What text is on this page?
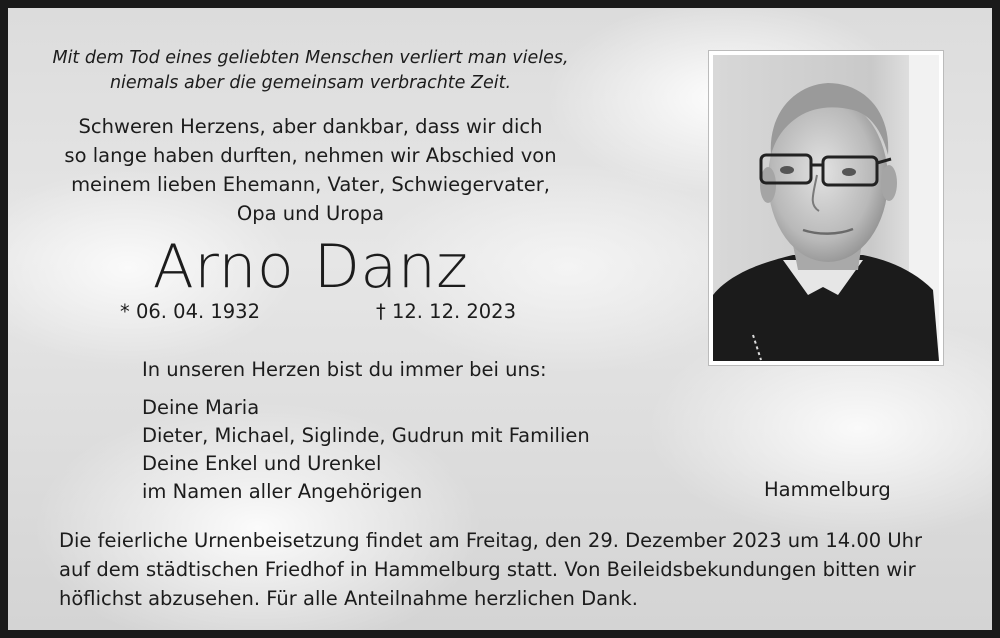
Mit dem Tod eines geliebten Menschen verliert man vieles,
niemals aber die gemeinsam verbrachte Zeit.
Schweren Herzens, aber dankbar, dass wir dich
so lange haben durften, nehmen wir Abschied von
meinem lieben Ehemann, Vater, Schwiegervater,
Opa und Uropa
Arno Danz
* 06. 04. 1932	† 12. 12. 2023
In unseren Herzen bist du immer bei uns:
Deine Maria
Dieter, Michael, Siglinde, Gudrun mit Familien
Deine Enkel und Urenkel
im Namen aller Angehörigen	Hammelburg
Die feierliche Urnenbeisetzung findet am Freitag, den 29. Dezember 2023 um 14.00 Uhr auf dem städtischen Friedhof in Hammelburg statt. Von Beileidsbekundungen bitten wir höflichst abzusehen. Für alle Anteilnahme herzlichen Dank.
